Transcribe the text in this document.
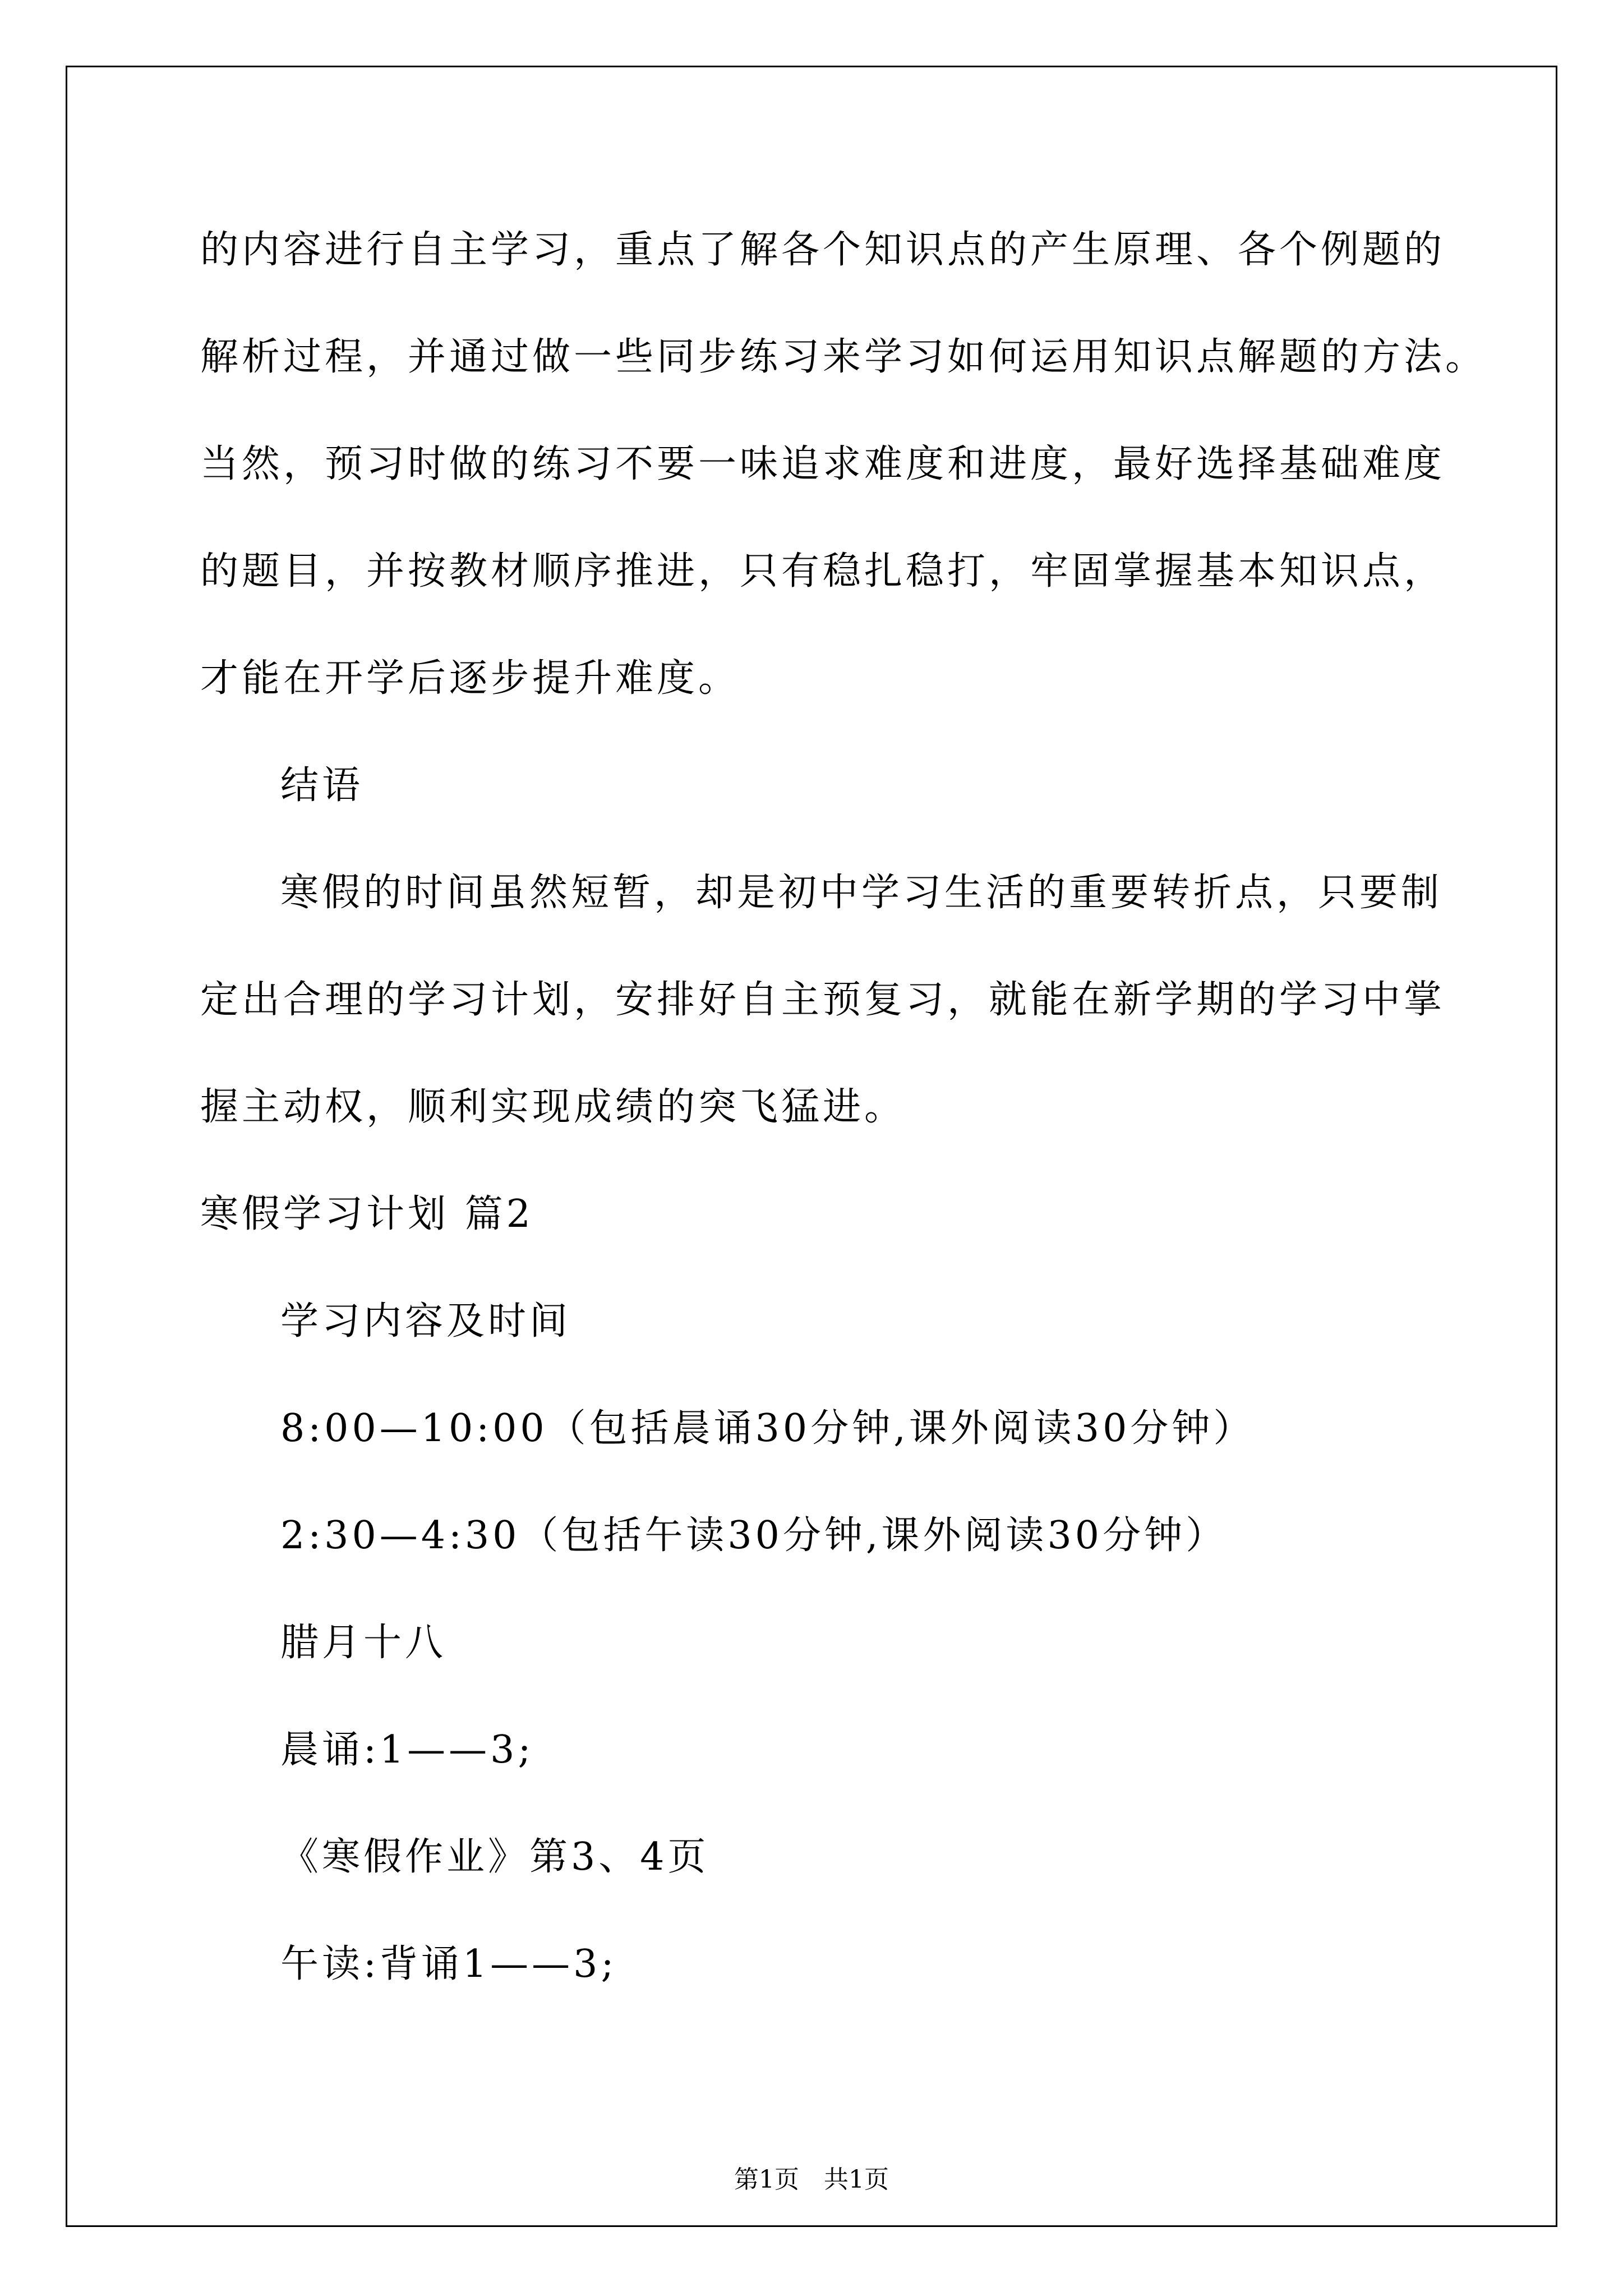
的内容进行自主学习，重点了解各个知识点的产生原理、各个例题的
解析过程，并通过做一些同步练习来学习如何运用知识点解题的方法。
当然，预习时做的练习不要一味追求难度和进度，最好选择基础难度
的题目，并按教材顺序推进，只有稳扎稳打，牢固掌握基本知识点，
才能在开学后逐步提升难度。
结语
寒假的时间虽然短暂，却是初中学习生活的重要转折点，只要制
定出合理的学习计划，安排好自主预复习，就能在新学期的学习中掌
握主动权，顺利实现成绩的突飞猛进。
寒假学习计划 篇2
学习内容及时间
8:00—10:00（包括晨诵30分钟,课外阅读30分钟）
2:30—4:30（包括午读30分钟,课外阅读30分钟）
腊月十八
晨诵:1——3;
《寒假作业》第3、4页
午读:背诵1——3;
第1页　共1页
